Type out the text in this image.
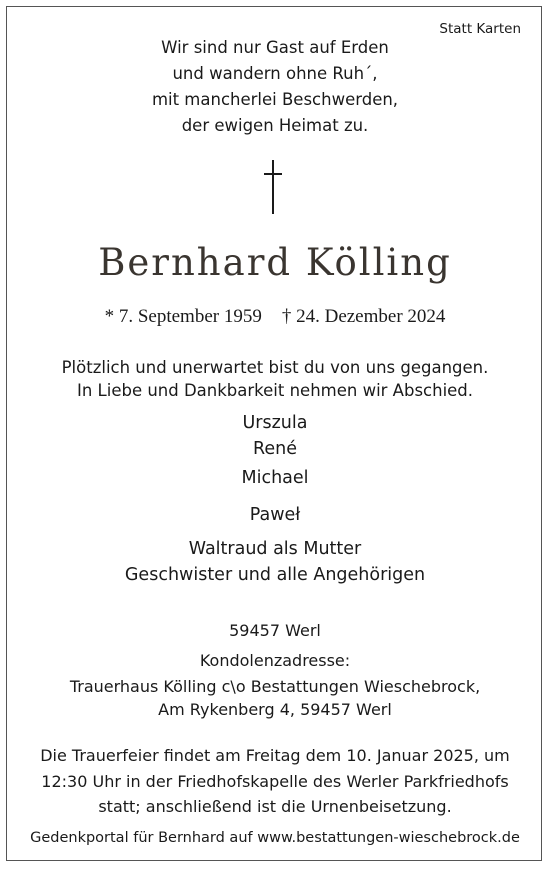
Statt Karten
Wir sind nur Gast auf Erden
und wandern ohne Ruh´,
mit mancherlei Beschwerden,
der ewigen Heimat zu.
Bernhard Kölling
* 7. September 1959 † 24. Dezember 2024
Plötzlich und unerwartet bist du von uns gegangen.
In Liebe und Dankbarkeit nehmen wir Abschied.
Urszula
René
Michael
Paweł
Waltraud als Mutter
Geschwister und alle Angehörigen
59457 Werl
Kondolenzadresse:
Trauerhaus Kölling c\o Bestattungen Wieschebrock,
Am Rykenberg 4, 59457 Werl
Die Trauerfeier findet am Freitag dem 10. Januar 2025, um
12:30 Uhr in der Friedhofskapelle des Werler Parkfriedhofs
statt; anschließend ist die Urnenbeisetzung.
Gedenkportal für Bernhard auf www.bestattungen-wieschebrock.de
